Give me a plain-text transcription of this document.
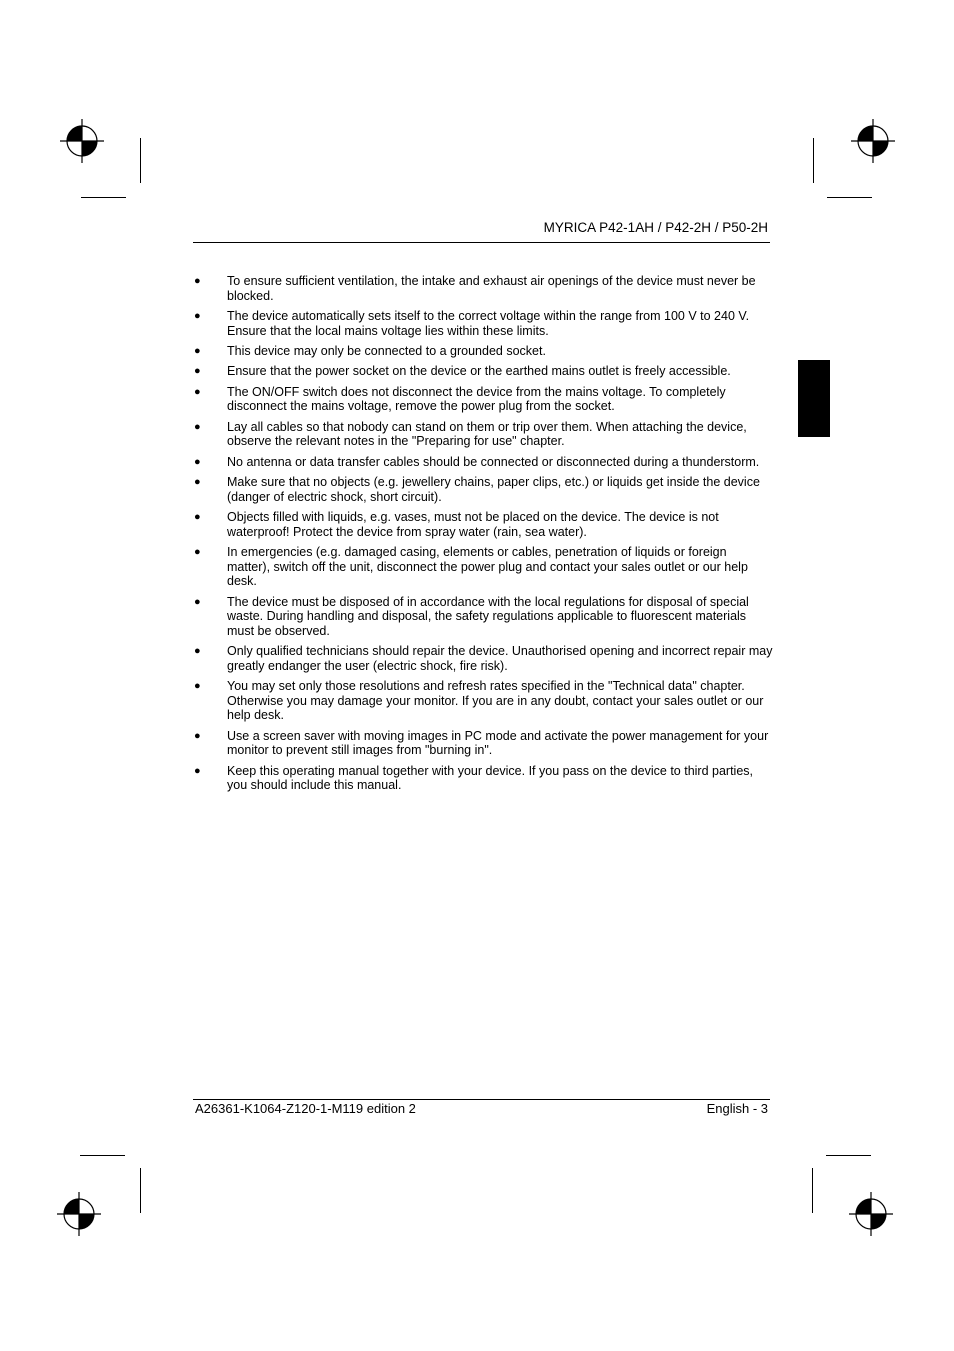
MYRICA P42-1AH / P42-2H / P50-2H
● To ensure sufficient ventilation, the intake and exhaust air openings of the device must never be blocked.
● The device automatically sets itself to the correct voltage within the range from 100 V to 240 V. Ensure that the local mains voltage lies within these limits.
● This device may only be connected to a grounded socket.
● Ensure that the power socket on the device or the earthed mains outlet is freely accessible.
● The ON/OFF switch does not disconnect the device from the mains voltage. To completely disconnect the mains voltage, remove the power plug from the socket.
● Lay all cables so that nobody can stand on them or trip over them. When attaching the device, observe the relevant notes in the "Preparing for use" chapter.
● No antenna or data transfer cables should be connected or disconnected during a thunderstorm.
● Make sure that no objects (e.g. jewellery chains, paper clips, etc.) or liquids get inside the device (danger of electric shock, short circuit).
● Objects filled with liquids, e.g. vases, must not be placed on the device. The device is not waterproof! Protect the device from spray water (rain, sea water).
● In emergencies (e.g. damaged casing, elements or cables, penetration of liquids or foreign matter), switch off the unit, disconnect the power plug and contact your sales outlet or our help desk.
● The device must be disposed of in accordance with the local regulations for disposal of special waste. During handling and disposal, the safety regulations applicable to fluorescent materials must be observed.
● Only qualified technicians should repair the device. Unauthorised opening and incorrect repair may greatly endanger the user (electric shock, fire risk).
● You may set only those resolutions and refresh rates specified in the "Technical data" chapter. Otherwise you may damage your monitor. If you are in any doubt, contact your sales outlet or our help desk.
● Use a screen saver with moving images in PC mode and activate the power management for your monitor to prevent still images from "burning in".
● Keep this operating manual together with your device. If you pass on the device to third parties, you should include this manual.
A26361-K1064-Z120-1-M119 edition 2	English - 3
